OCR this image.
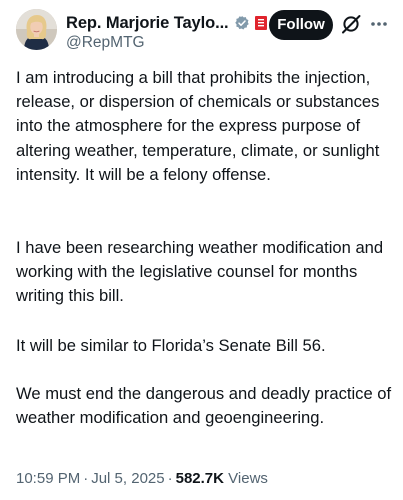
Rep. Marjorie Taylo...
@RepMTG
Follow

I am introducing a bill that prohibits the injection, release, or dispersion of chemicals or substances into the atmosphere for the express purpose of altering weather, temperature, climate, or sunlight intensity. It will be a felony offense.

I have been researching weather modification and working with the legislative counsel for months writing this bill.

It will be similar to Florida’s Senate Bill 56.

We must end the dangerous and deadly practice of weather modification and geoengineering.

10:59 PM · Jul 5, 2025 · 582.7K Views
